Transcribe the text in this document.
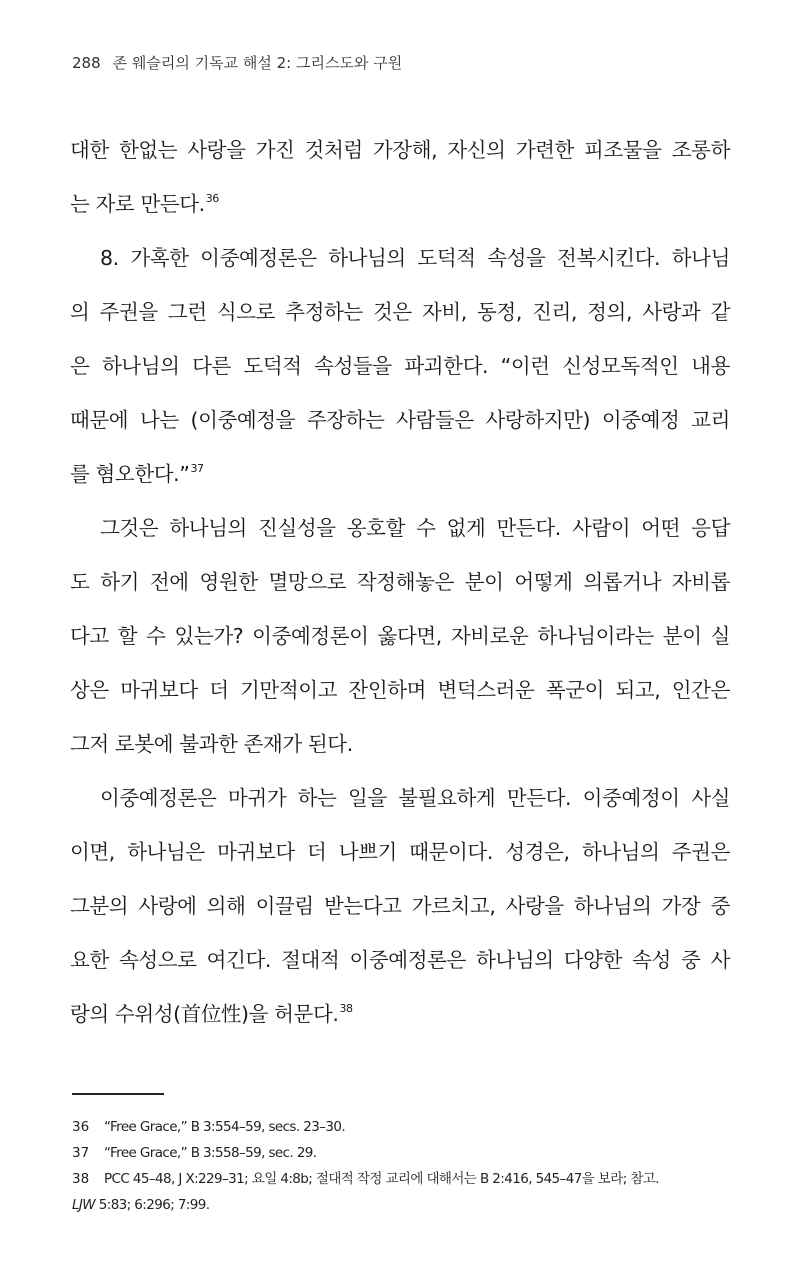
288 존 웨슬리의 기독교 해설 2: 그리스도와 구원
대한 한없는 사랑을 가진 것처럼 가장해, 자신의 가련한 피조물을 조롱하
는 자로 만든다.$^{36}$
8. 가혹한 이중예정론은 하나님의 도덕적 속성을 전복시킨다. 하나님
의 주권을 그런 식으로 추정하는 것은 자비, 동정, 진리, 정의, 사랑과 같
은 하나님의 다른 도덕적 속성들을 파괴한다. “이런 신성모독적인 내용
때문에 나는 (이중예정을 주장하는 사람들은 사랑하지만) 이중예정 교리
를 혐오한다.”$^{37}$
그것은 하나님의 진실성을 옹호할 수 없게 만든다. 사람이 어떤 응답
도 하기 전에 영원한 멸망으로 작정해놓은 분이 어떻게 의롭거나 자비롭
다고 할 수 있는가? 이중예정론이 옳다면, 자비로운 하나님이라는 분이 실
상은 마귀보다 더 기만적이고 잔인하며 변덕스러운 폭군이 되고, 인간은
그저 로봇에 불과한 존재가 된다.
이중예정론은 마귀가 하는 일을 불필요하게 만든다. 이중예정이 사실
이면, 하나님은 마귀보다 더 나쁘기 때문이다. 성경은, 하나님의 주권은
그분의 사랑에 의해 이끌림 받는다고 가르치고, 사랑을 하나님의 가장 중
요한 속성으로 여긴다. 절대적 이중예정론은 하나님의 다양한 속성 중 사
랑의 수위성(首位性)을 허문다.$^{38}$
36 “Free Grace,” B 3:554–59, secs. 23–30.
37 “Free Grace,” B 3:558–59, sec. 29.
38 PCC 45–48, J X:229–31; 요일 4:8b; 절대적 작정 교리에 대해서는 B 2:416, 545–47을 보라; 참고.
LJW 5:83; 6:296; 7:99.
